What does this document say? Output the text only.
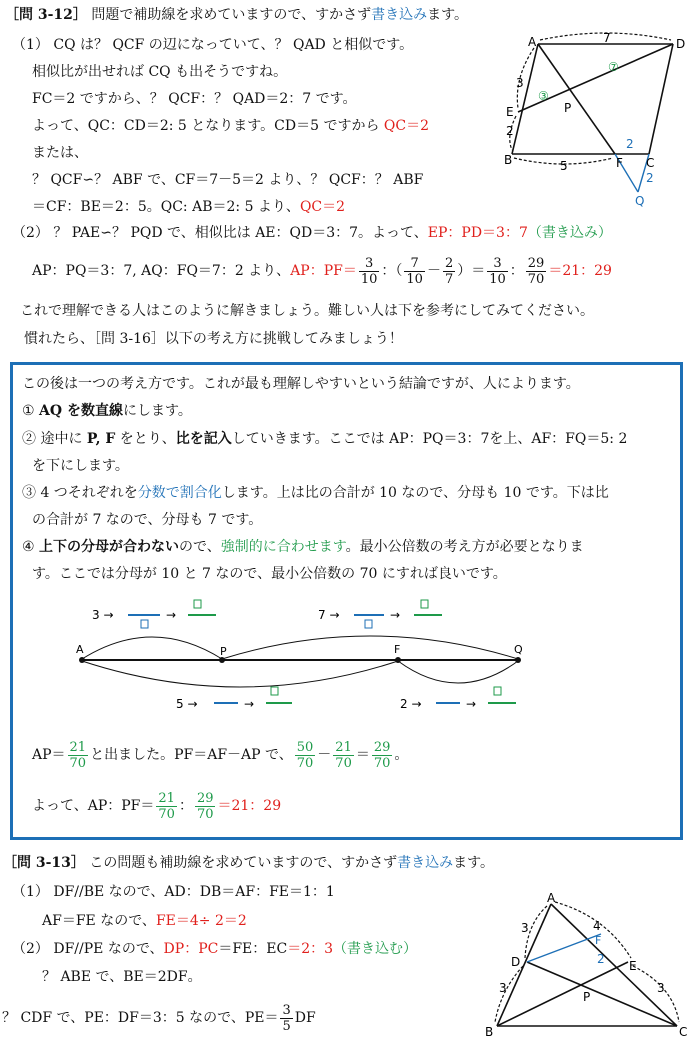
［問 3-12］ 問題で補助線を求めていますので、すかさず書き込みます。
（1） CQ は？ QCF の辺になっていて、？ QAD と相似です。
相似比が出せれば CQ も出そうですね。
FC＝2 ですから、？ QCF：？ QAD＝2：7 です。
よって、QC：CD＝2: 5 となります。CD＝5 ですから QC＝2
または、
？ QCF∽？ ABF で、CF＝7－5＝2 より、？ QCF：？ ABF
＝CF：BE＝2：5。QC: AB＝2: 5 より、QC＝2
（2） ？ PAE∽？ PQD で、相似比は AE：QD＝3：7。よって、EP：PD＝3：7（書き込み）
AP：PQ＝3：7, AQ：FQ＝7：2 より、AP：$PF= \frac{3}{10}$ ：（ $\frac{7}{10} - \frac{2}{7}$ ）＝ $\frac{3}{10}$ ： $\frac{29}{70} =21$：29
これで理解できる人はこのように解きましょう。難しい人は下を参考にしてみてください。
慣れたら、［問 3-16］以下の考え方に挑戦してみましょう！
A	D
E	P
B	F C
Q
7
3
2
5
2
2
③
⑦
この後は一つの考え方です。これが最も理解しやすいという結論ですが、人によります。
① AQ を数直線にします。
② 途中に P, F をとり、比を記入していきます。ここでは AP：PQ＝3：7を上、AF：FQ＝5: 2
を下にします。
③ 4 つそれぞれを分数で割合化します。上は比の合計が 10 なので、分母も 10 です。下は比
の合計が 7 なので、分母も 7 です。
④ 上下の分母が合わないので、強制的に合わせます。最小公倍数の考え方が必要となりま
す。ここでは分母が 10 と 7 なので、最小公倍数の 70 にすれば良いです。
A	P	F	Q
3 →	→	7 →	→
5 →	→	2 →	→
$AP= \frac{21}{70}$ と出ました。PF＝AF－AP で、 $\frac{50}{70} - \frac{21}{70} = \frac{29}{70}$ 。
よって、AP：$PF= \frac{21}{70}$ ： $\frac{29}{70} =21$：29
［問 3-13］ この問題も補助線を求めていますので、すかさず書き込みます。
（1） DF//BE なので、AD：DB＝AF：FE＝1：1
AF＝FE なので、FE＝4÷ 2＝2
（2） DF//PE なので、DP：PC＝FE：EC＝2：3（書き込む）
？ ABE で、BE＝2DF。
？ CDF で、PE：DF＝3：5 なので、$PE= \frac{3}{5}$ DF
A
D
F
E
P
B	C
3	4
2
3	3
